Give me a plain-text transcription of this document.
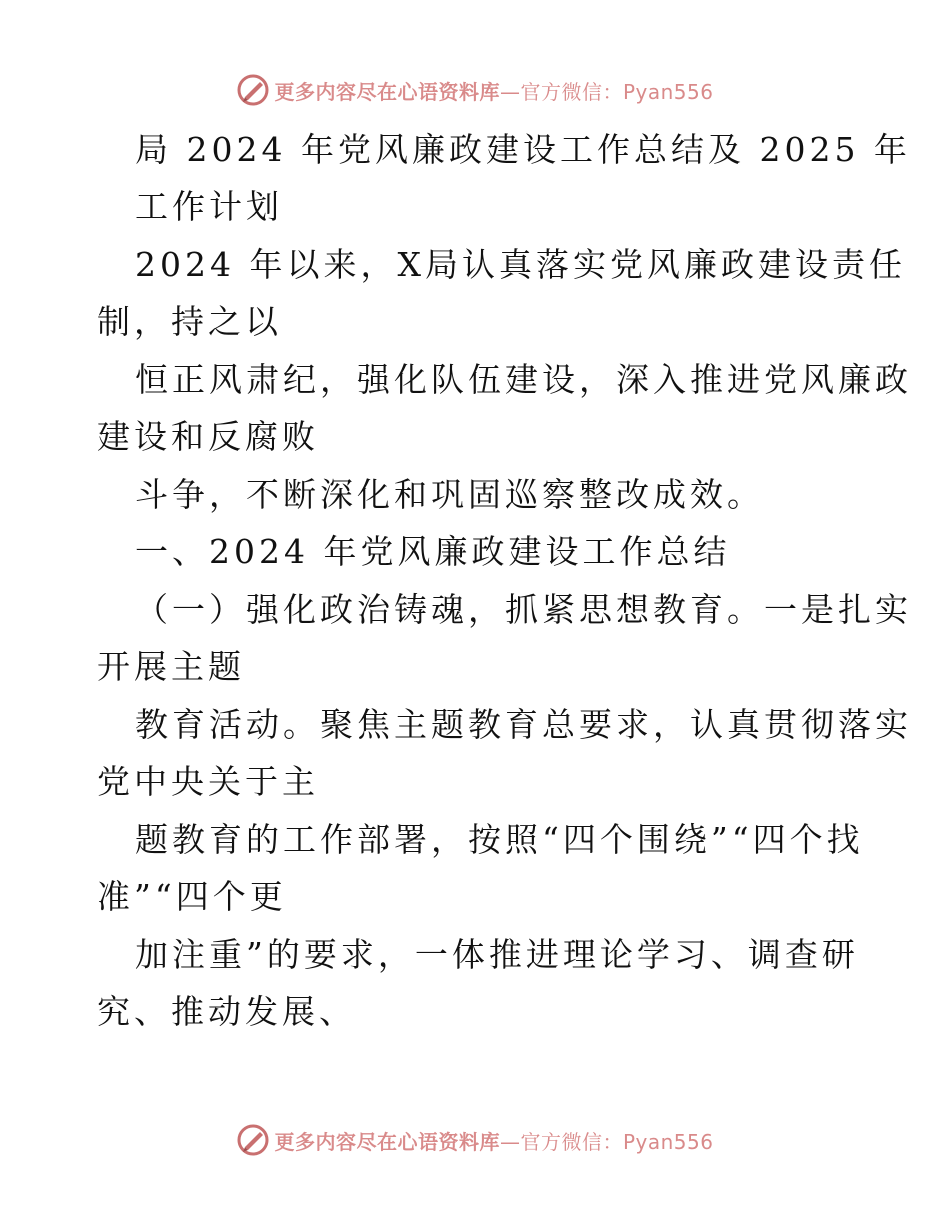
更多内容尽在心语资料库—官方微信：Pyan556
局 2024 年党风廉政建设工作总结及 2025 年
工作计划
2024 年以来，X局认真落实党风廉政建设责任
制，持之以
恒正风肃纪，强化队伍建设，深入推进党风廉政
建设和反腐败
斗争，不断深化和巩固巡察整改成效。
一、2024 年党风廉政建设工作总结
（一）强化政治铸魂，抓紧思想教育。一是扎实
开展主题
教育活动。聚焦主题教育总要求，认真贯彻落实
党中央关于主
题教育的工作部署，按照“四个围绕”“四个找
准”“四个更
加注重”的要求，一体推进理论学习、调查研
究、推动发展、
更多内容尽在心语资料库—官方微信：Pyan556
